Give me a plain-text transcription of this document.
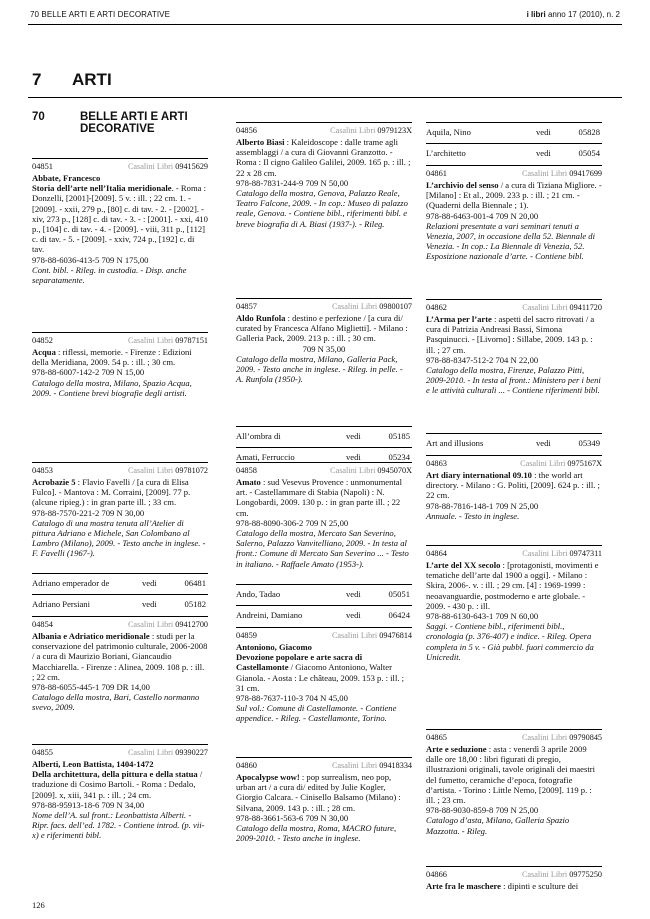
70 BELLE ARTI E ARTI DECORATIVE	i libri anno 17 (2010), n. 2
7 ARTI
70	BELLE ARTI E ARTI DECORATIVE
04851	Casalini Libri 09415629

Abbate, Francesco

Storia dell’arte nell’Italia meridionale. - Roma : Donzelli, [2001]-[2009]. 5 v. : ill. ; 22 cm. 1. - [2009]. - xxii, 279 p., [80] c. di tav. - 2. - [2002]. - xiv, 273 p., [128] c. di tav. - 3. - : [2001]. - xxi, 410 p., [104] c. di tav. - 4. - [2009]. - viii, 311 p., [112] c. di tav. - 5. - [2009]. - xxiv, 724 p., [192] c. di tav.

978-88-6036-413-5 709 N 175,00

Cont. bibl. - Rileg. in custodia. - Disp. anche separatamente.

04852	Casalini Libri 09787151

Acqua : riflessi, memorie. - Firenze : Edizioni della Meridiana, 2009. 54 p. : ill. ; 30 cm.

978-88-6007-142-2 709 N 15,00

Catalogo della mostra, Milano, Spazio Acqua, 2009. - Contiene brevi biografie degli artisti.

04853	Casalini Libri 09781072

Acrobazie 5 : Flavio Favelli / [a cura di Elisa Fulco]. - Mantova : M. Corraini, [2009]. 77 p. (alcune ripieg.) : in gran parte ill. ; 33 cm.

978-88-7570-221-2 709 N 30,00

Catalogo di una mostra tenuta all’Atelier di pittura Adriano e Michele, San Colombano al Lambro (Milano), 2009. - Testo anche in inglese. - F. Favelli (1967-).

Adriano emperador de	vedi	06481
Adriano Persiani	vedi	05182
04854	Casalini Libri 09412700

Albania e Adriatico meridionale : studi per la conservazione del patrimonio culturale, 2006-2008 / a cura di Maurizio Boriani, Giancaudio Macchiarella. - Firenze : Alinea, 2009. 108 p. : ill. ; 22 cm.

978-88-6055-445-1 709 DR 14,00

Catalogo della mostra, Bari, Castello normanno svevo, 2009.

04855	Casalini Libri 09390227

Alberti, Leon Battista, 1404-1472

Della architettura, della pittura e della statua / traduzione di Cosimo Bartoli. - Roma : Dedalo, [2009]. x, xiii, 341 p. : ill. ; 24 cm.

978-88-95913-18-6 709 N 34,00

Nome dell’A. sul front.: Leonbattista Alberti. - Ripr. facs. dell’ed. 1782. - Contiene introd. (p. vii-x) e riferimenti bibl.

04856	Casalini Libri 0979123X

Alberto Biasi : Kaleidoscope : dalle trame agli assemblaggi / a cura di Giovanni Granzotto. - Roma : Il cigno Galileo Galilei, 2009. 165 p. : ill. ; 22 x 28 cm.

978-88-7831-244-9 709 N 50,00

Catalogo della mostra, Genova, Palazzo Reale, Teatro Falcone, 2009. - In cop.: Museo di palazzo reale, Genova. - Contiene bibl., riferimenti bibl. e breve biografia di A. Biasi (1937-). - Rileg.

04857	Casalini Libri 09800107

Aldo Runfola : destino e perfezione / [a cura di/ curated by Francesca Alfano Miglietti]. - Milano : Galleria Pack, 2009. 213 p. : ill. ; 30 cm.

709 N 35,00

Catalogo della mostra, Milano, Galleria Pack, 2009. - Testo anche in inglese. - Rileg. in pelle. - A. Runfola (1950-).

All’ombra di	vedi	05185
Amati, Ferruccio	vedi	05234
04858	Casalini Libri 0945070X

Amato : sud Vesevus Provence : unmonumental art. - Castellammare di Stabia (Napoli) : N. Longobardi, 2009. 130 p. : in gran parte ill. ; 22 cm.

978-88-8090-306-2 709 N 25,00

Catalogo della mostra, Mercato San Severino, Salerno, Palazzo Vanvitelliano, 2009. - In testa al front.: Comune di Mercato San Severino ... - Testo in italiano. - Raffaele Amato (1953-).

Ando, Tadao	vedi	05051
Andreini, Damiano	vedi	06424
04859	Casalini Libri 09476814

Antoniono, Giacomo

Devozione popolare e arte sacra di Castellamonte / Giacomo Antoniono, Walter Gianola. - Aosta : Le château, 2009. 153 p. : ill. ; 31 cm.

978-88-7637-110-3 704 N 45,00

Sul vol.: Comune di Castellamonte. - Contiene appendice. - Rileg. - Castellamonte, Torino.

04860	Casalini Libri 09418334

Apocalypse wow! : pop surrealism, neo pop, urban art / a cura di/ edited by Julie Kogler, Giorgio Calcara. - Cinisello Balsamo (Milano) : Silvana, 2009. 143 p. : ill. ; 28 cm.

978-88-3661-563-6 709 N 30,00

Catalogo della mostra, Roma, MACRO future, 2009-2010. - Testo anche in inglese.

Aquila, Nino	vedi	05828
L’architetto	vedi	05054
04861	Casalini Libri 09417699

L’archivio del senso / a cura di Tiziana Migliore. - [Milano] : Et al., 2009. 233 p. : ill. ; 21 cm. - (Quaderni della Biennale ; 1).

978-88-6463-001-4 709 N 20,00

Relazioni presentate a vari seminari tenuti a Venezia, 2007, in occasione della 52. Biennale di Venezia. - In cop.: La Biennale di Venezia, 52. Esposizione nazionale d’arte. - Contiene bibl.

04862	Casalini Libri 09411720

L’Arma per l’arte : aspetti del sacro ritrovati / a cura di Patrizia Andreasi Bassi, Simona Pasquinucci. - [Livorno] : Sillabe, 2009. 143 p. : ill. ; 27 cm.

978-88-8347-512-2 704 N 22,00

Catalogo della mostra, Firenze, Palazzo Pitti, 2009-2010. - In testa al front.: Ministero per i beni e le attività culturali ... - Contiene riferimenti bibl.

Art and illusions	vedi	05349
04863	Casalini Libri 0975167X

Art diary international 09.10 : the world art directory. - Milano : G. Politi, [2009]. 624 p. : ill. ; 22 cm.

978-88-7816-148-1 709 N 25,00

Annuale. - Testo in inglese.

04864	Casalini Libri 09747311

L’arte del XX secolo : [protagonisti, movimenti e tematiche dell’arte dal 1900 a oggi]. - Milano : Skira, 2006-. v. : ill. ; 29 cm. [4] : 1969-1999 : neoavanguardie, postmoderno e arte globale. - 2009. - 430 p. : ill.

978-88-6130-643-1 709 N 60,00

Saggi. - Contiene bibl., riferimenti bibl., cronologia (p. 376-407) e indice. - Rileg. Opera completa in 5 v. - Già pubbl. fuori commercio da Unicredit.

04865	Casalini Libri 09790845

Arte e seduzione : asta : venerdì 3 aprile 2009 dalle ore 18,00 : libri figurati di pregio, illustrazioni originali, tavole originali dei maestri del fumetto, ceramiche d’epoca, fotografie d’artista. - Torino : Little Nemo, [2009]. 119 p. : ill. ; 23 cm.

978-88-9030-859-8 709 N 25,00

Catalogo d’asta, Milano, Galleria Spazio Mazzotta. - Rileg.

04866	Casalini Libri 09775250

Arte fra le maschere : dipinti e sculture dei

126
